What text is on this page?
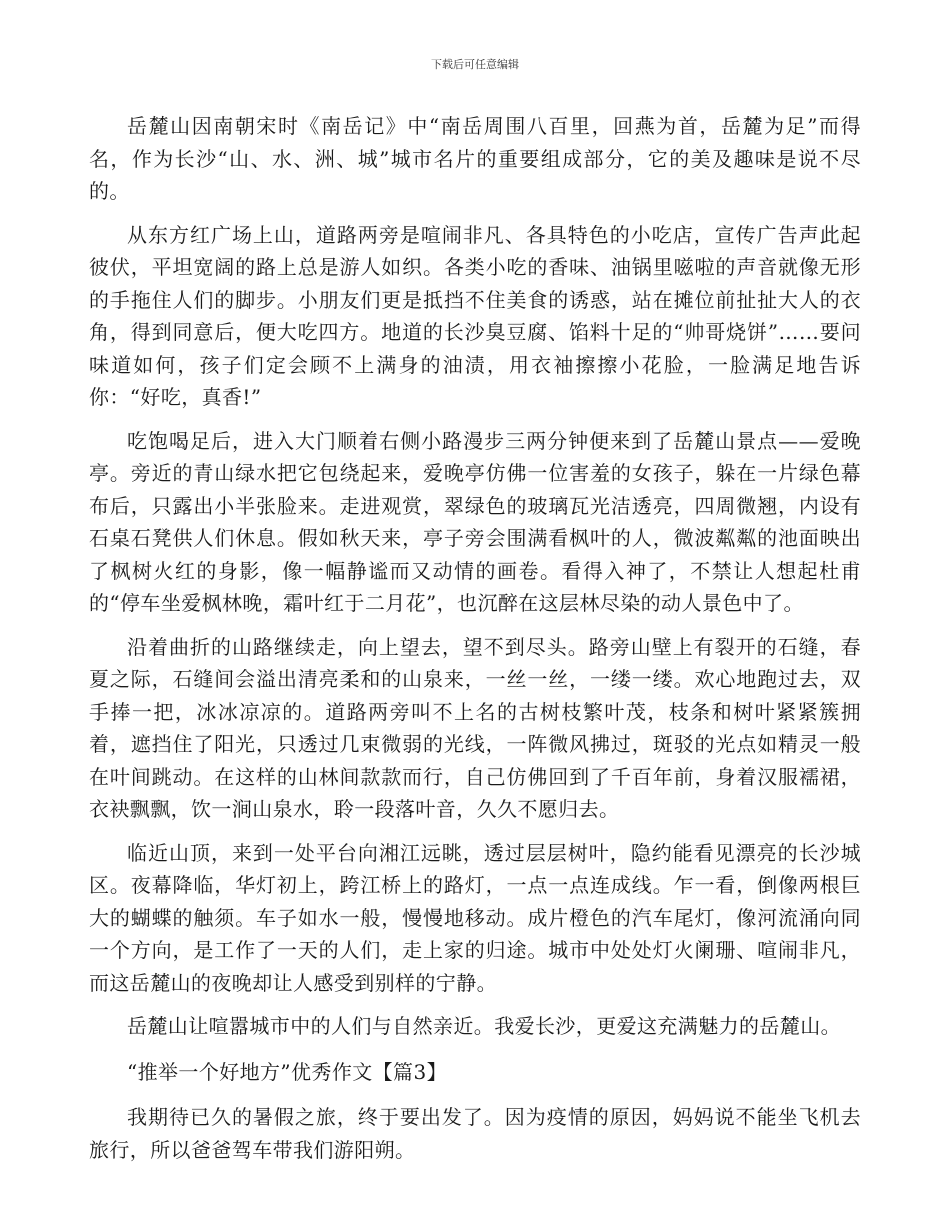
下载后可任意编辑

岳麓山因南朝宋时《南岳记》中“南岳周围八百里，回燕为首，岳麓为足”而得名，作为长沙“山、水、洲、城”城市名片的重要组成部分，它的美及趣味是说不尽的。

从东方红广场上山，道路两旁是喧闹非凡、各具特色的小吃店，宣传广告声此起彼伏，平坦宽阔的路上总是游人如织。各类小吃的香味、油锅里嗞啦的声音就像无形的手拖住人们的脚步。小朋友们更是抵挡不住美食的诱惑，站在摊位前扯扯大人的衣角，得到同意后，便大吃四方。地道的长沙臭豆腐、馅料十足的“帅哥烧饼”……要问味道如何，孩子们定会顾不上满身的油渍，用衣袖擦擦小花脸，一脸满足地告诉你：“好吃，真香!”

吃饱喝足后，进入大门顺着右侧小路漫步三两分钟便来到了岳麓山景点——爱晚亭。旁近的青山绿水把它包绕起来，爱晚亭仿佛一位害羞的女孩子，躲在一片绿色幕布后，只露出小半张脸来。走进观赏，翠绿色的玻璃瓦光洁透亮，四周微翘，内设有石桌石凳供人们休息。假如秋天来，亭子旁会围满看枫叶的人，微波粼粼的池面映出了枫树火红的身影，像一幅静谧而又动情的画卷。看得入神了，不禁让人想起杜甫的“停车坐爱枫林晚，霜叶红于二月花”，也沉醉在这层林尽染的动人景色中了。

沿着曲折的山路继续走，向上望去，望不到尽头。路旁山壁上有裂开的石缝，春夏之际，石缝间会溢出清亮柔和的山泉来，一丝一丝，一缕一缕。欢心地跑过去，双手捧一把，冰冰凉凉的。道路两旁叫不上名的古树枝繁叶茂，枝条和树叶紧紧簇拥着，遮挡住了阳光，只透过几束微弱的光线，一阵微风拂过，斑驳的光点如精灵一般在叶间跳动。在这样的山林间款款而行，自己仿佛回到了千百年前，身着汉服襦裙，衣袂飘飘，饮一涧山泉水，聆一段落叶音，久久不愿归去。

临近山顶，来到一处平台向湘江远眺，透过层层树叶，隐约能看见漂亮的长沙城区。夜幕降临，华灯初上，跨江桥上的路灯，一点一点连成线。乍一看，倒像两根巨大的蝴蝶的触须。车子如水一般，慢慢地移动。成片橙色的汽车尾灯，像河流涌向同一个方向，是工作了一天的人们，走上家的归途。城市中处处灯火阑珊、喧闹非凡，而这岳麓山的夜晚却让人感受到别样的宁静。

岳麓山让喧嚣城市中的人们与自然亲近。我爱长沙，更爱这充满魅力的岳麓山。

“推举一个好地方”优秀作文【篇3】

我期待已久的暑假之旅，终于要出发了。因为疫情的原因，妈妈说不能坐飞机去旅行，所以爸爸驾车带我们游阳朔。
